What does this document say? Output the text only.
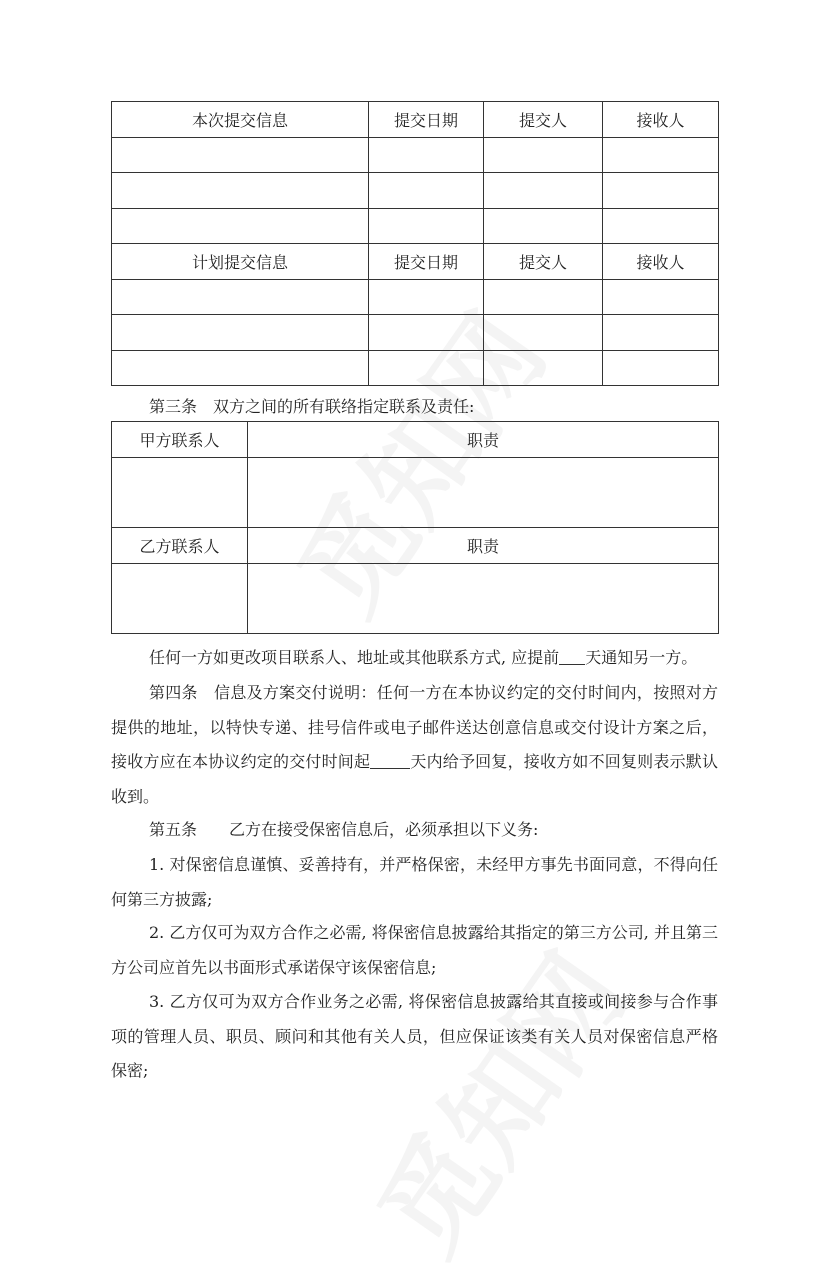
本次提交信息	提交日期	提交人	接收人

计划提交信息	提交日期	提交人	接收人

第三条　双方之间的所有联络指定联系及责任:

甲方联系人	职责

乙方联系人	职责

任何一方如更改项目联系人、地址或其他联系方式, 应提前 天通知另一方。

第四条　信息及方案交付说明：任何一方在本协议约定的交付时间内，按照对方提供的地址，以特快专递、挂号信件或电子邮件送达创意信息或交付设计方案之后，接收方应在本协议约定的交付时间起	天内给予回复，接收方如不回复则表示默认收到。

第五条　　乙方在接受保密信息后，必须承担以下义务:

1. 对保密信息谨慎、妥善持有，并严格保密，未经甲方事先书面同意，不得向任何第三方披露;

2. 乙方仅可为双方合作之必需, 将保密信息披露给其指定的第三方公司, 并且第三方公司应首先以书面形式承诺保守该保密信息;

3. 乙方仅可为双方合作业务之必需, 将保密信息披露给其直接或间接参与合作事项的管理人员、职员、顾问和其他有关人员，但应保证该类有关人员对保密信息严格保密;
